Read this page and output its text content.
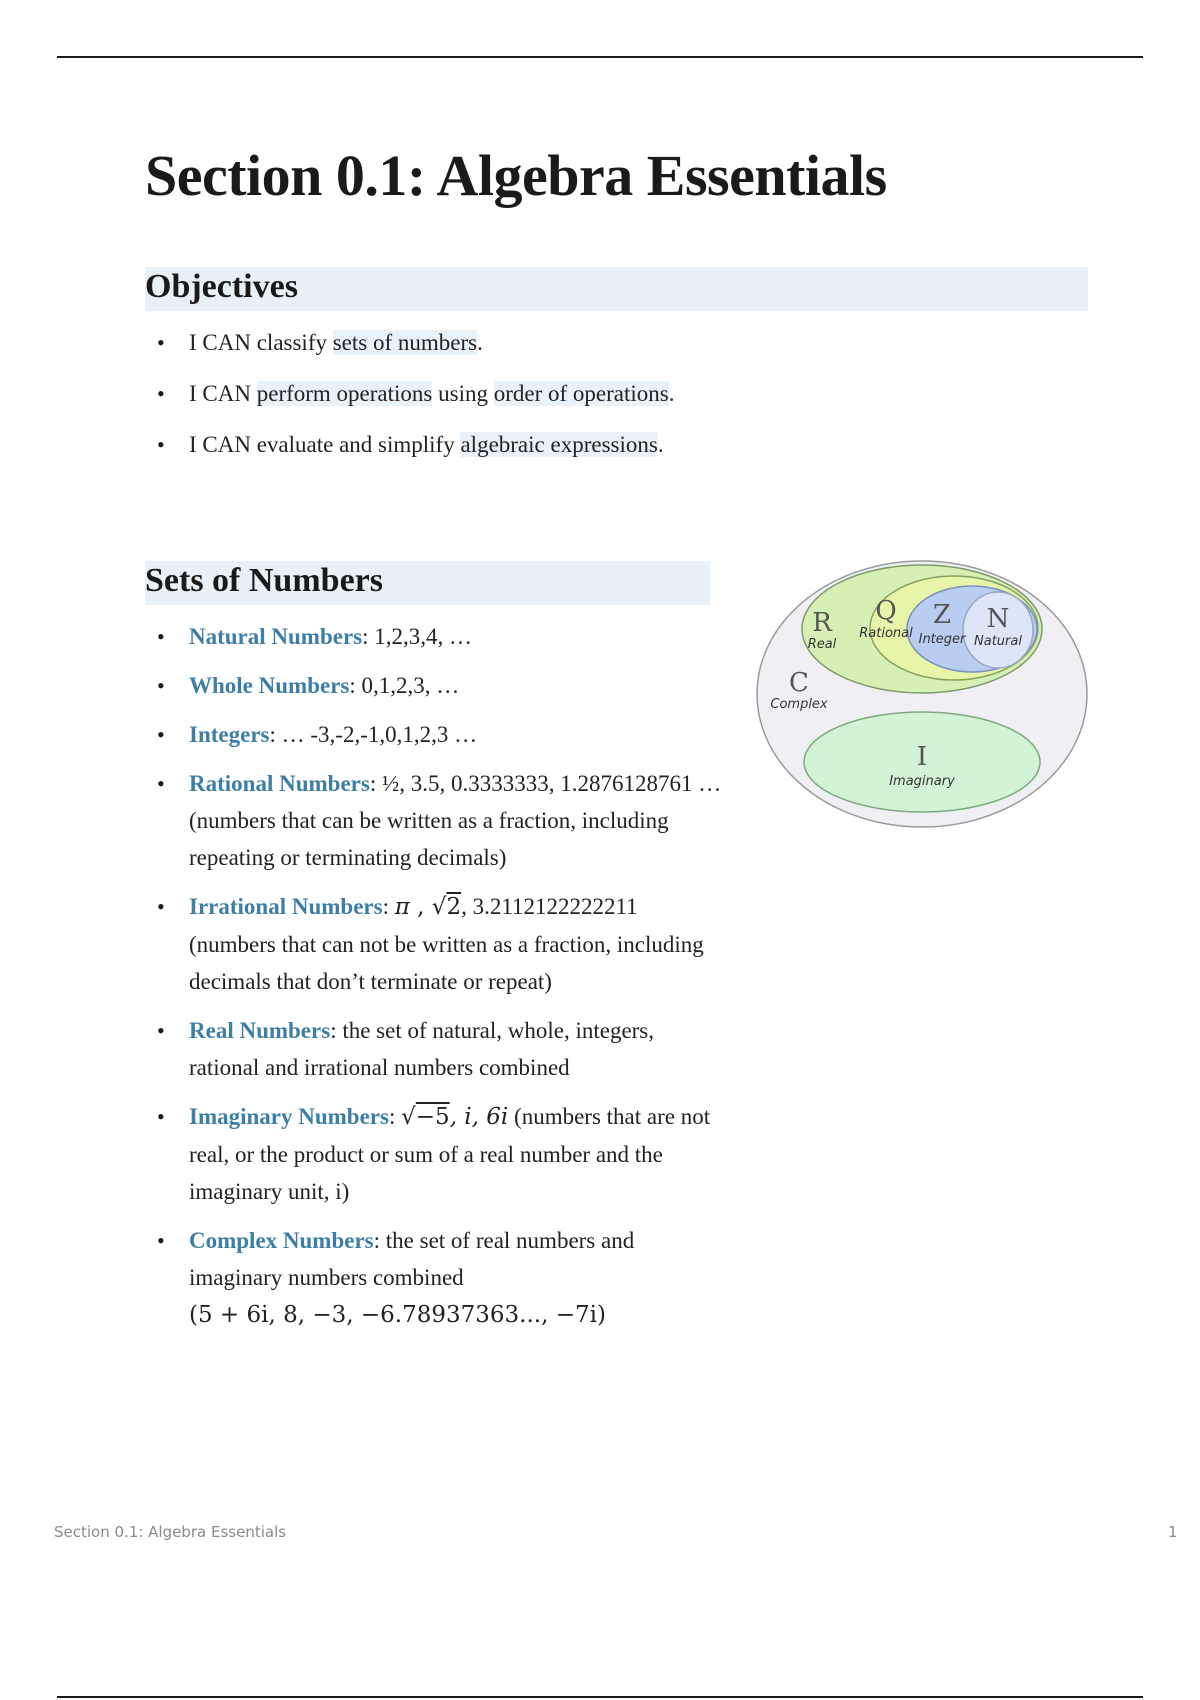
Section 0.1: Algebra Essentials
Objectives
• I CAN classify sets of numbers.
• I CAN perform operations using order of operations.
• I CAN evaluate and simplify algebraic expressions.
Sets of Numbers
• Natural Numbers: 1,2,3,4, …
• Whole Numbers: 0,1,2,3, …
• Integers: … -3,-2,-1,0,1,2,3 …
• Rational Numbers: ½, 3.5, 0.3333333, 1.2876128761 … (numbers that can be written as a fraction, including repeating or terminating decimals)
• Irrational Numbers: π , √2, 3.2112122222211 (numbers that can not be written as a fraction, including decimals that don’t terminate or repeat)
• Real Numbers: the set of natural, whole, integers, rational and irrational numbers combined
• Imaginary Numbers: √−5, i, 6i (numbers that are not real, or the product or sum of a real number and the imaginary unit, i)
• Complex Numbers: the set of real numbers and imaginary numbers combined
(5 + 6i, 8, −3, −6.78937363..., −7i)
R
Real
Q
Rational
Z
Integer
N
Natural
C
Complex
I
Imaginary
Section 0.1: Algebra Essentials	1
